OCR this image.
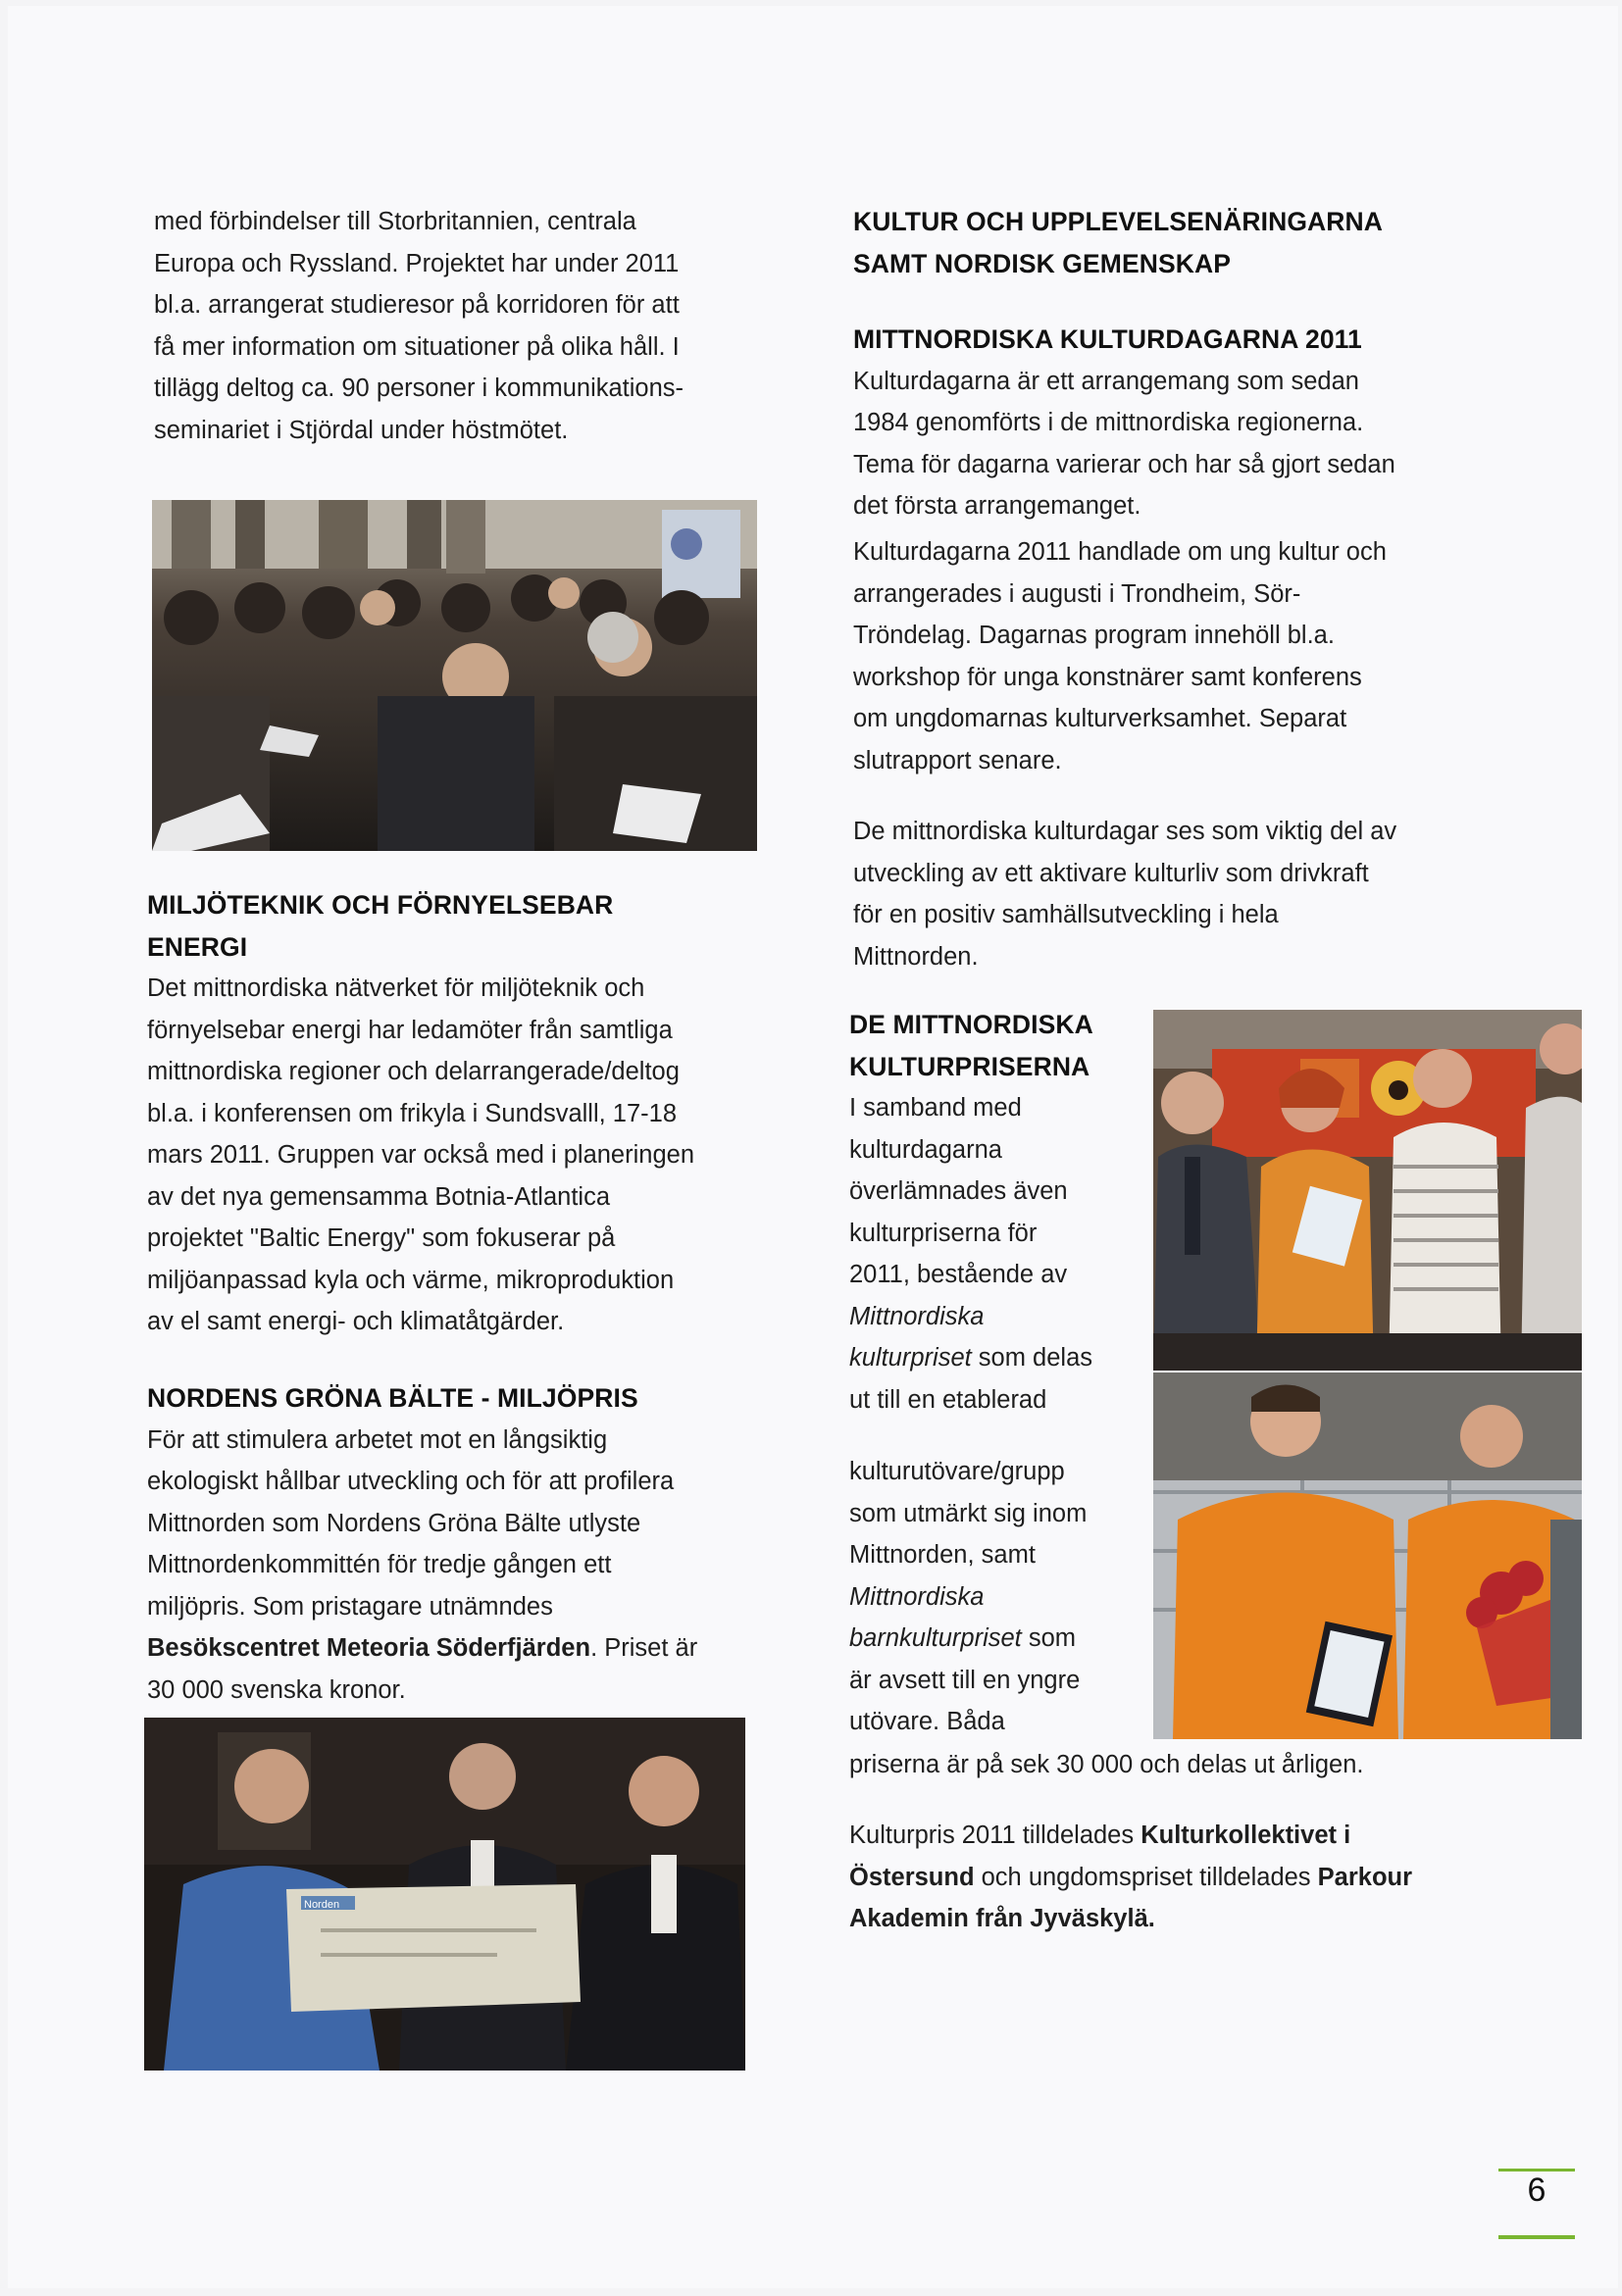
med förbindelser till Storbritannien, centrala

Europa och Ryssland. Projektet har under 2011

bl.a. arrangerat studieresor på korridoren för att

få mer information om situationer på olika håll. I

tillägg deltog ca. 90 personer i kommunikations-

seminariet i Stjördal under höstmötet.

MILJÖTEKNIK OCH FÖRNYELSEBAR

ENERGI

Det mittnordiska nätverket för miljöteknik och

förnyelsebar energi har ledamöter från samtliga

mittnordiska regioner och delarrangerade/deltog

bl.a. i konferensen om frikyla i Sundsvalll, 17-18

mars 2011. Gruppen var också med i planeringen

av det nya gemensamma Botnia-Atlantica

projektet "Baltic Energy" som fokuserar på

miljöanpassad kyla och värme, mikroproduktion

av el samt energi- och klimatåtgärder.

NORDENS GRÖNA BÄLTE - MILJÖPRIS

För att stimulera arbetet mot en långsiktig

ekologiskt hållbar utveckling och för att profilera

Mittnorden som Nordens Gröna Bälte utlyste

Mittnordenkommittén för tredje gången ett

miljöpris. Som pristagare utnämndes

Besökscentret Meteoria Söderfjärden. Priset är

30 000 svenska kronor.

Norden

KULTUR OCH UPPLEVELSENÄRINGARNA

SAMT NORDISK GEMENSKAP

MITTNORDISKA KULTURDAGARNA 2011

Kulturdagarna är ett arrangemang som sedan

1984 genomförts i de mittnordiska regionerna.

Tema för dagarna varierar och har så gjort sedan

det första arrangemanget.

Kulturdagarna 2011 handlade om ung kultur och

arrangerades i augusti i Trondheim, Sör-

Tröndelag. Dagarnas program innehöll bl.a.

workshop för unga konstnärer samt konferens

om ungdomarnas kulturverksamhet. Separat

slutrapport senare.

De mittnordiska kulturdagar ses som viktig del av

utveckling av ett aktivare kulturliv som drivkraft

för en positiv samhällsutveckling i hela

Mittnorden.

DE MITTNORDISKA

KULTURPRISERNA

I samband med

kulturdagarna

överlämnades även

kulturpriserna för

2011, bestående av

Mittnordiska

kulturpriset som delas

ut till en etablerad

kulturutövare/grupp

som utmärkt sig inom

Mittnorden, samt

Mittnordiska

barnkulturpriset som

är avsett till en yngre

utövare. Båda

priserna är på sek 30 000 och delas ut årligen.

Kulturpris 2011 tilldelades Kulturkollektivet i

Östersund och ungdomspriset tilldelades Parkour

Akademin från Jyväskylä.

6
